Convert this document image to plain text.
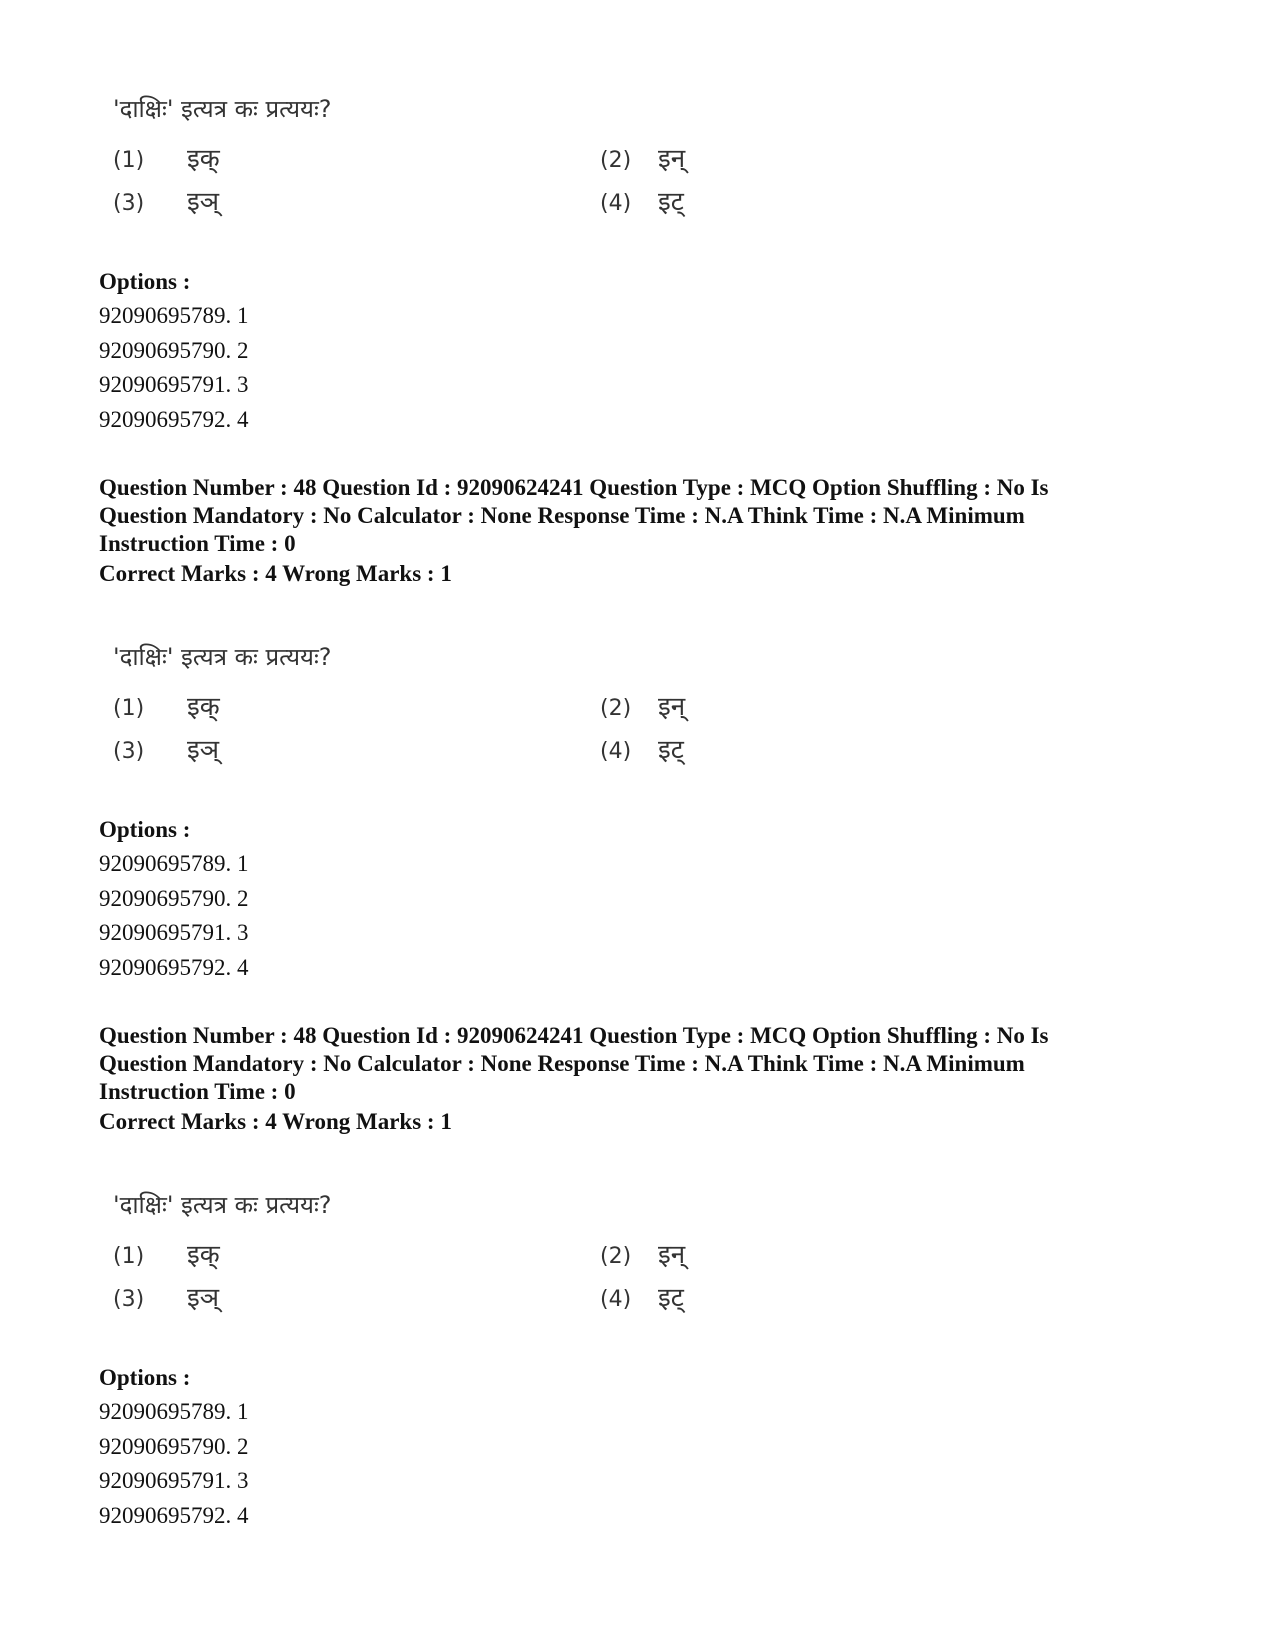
'दाक्षिः' इत्यत्र कः प्रत्ययः?
(1) इक्	(2) इन्
(3) इञ्	(4) इट्
Options :
92090695789. 1
92090695790. 2
92090695791. 3
92090695792. 4
Question Number : 48 Question Id : 92090624241 Question Type : MCQ Option Shuffling : No Is
Question Mandatory : No Calculator : None Response Time : N.A Think Time : N.A Minimum
Instruction Time : 0
Correct Marks : 4 Wrong Marks : 1
'दाक्षिः' इत्यत्र कः प्रत्ययः?
(1) इक्	(2) इन्
(3) इञ्	(4) इट्
Options :
92090695789. 1
92090695790. 2
92090695791. 3
92090695792. 4
Question Number : 48 Question Id : 92090624241 Question Type : MCQ Option Shuffling : No Is
Question Mandatory : No Calculator : None Response Time : N.A Think Time : N.A Minimum
Instruction Time : 0
Correct Marks : 4 Wrong Marks : 1
'दाक्षिः' इत्यत्र कः प्रत्ययः?
(1) इक्	(2) इन्
(3) इञ्	(4) इट्
Options :
92090695789. 1
92090695790. 2
92090695791. 3
92090695792. 4
